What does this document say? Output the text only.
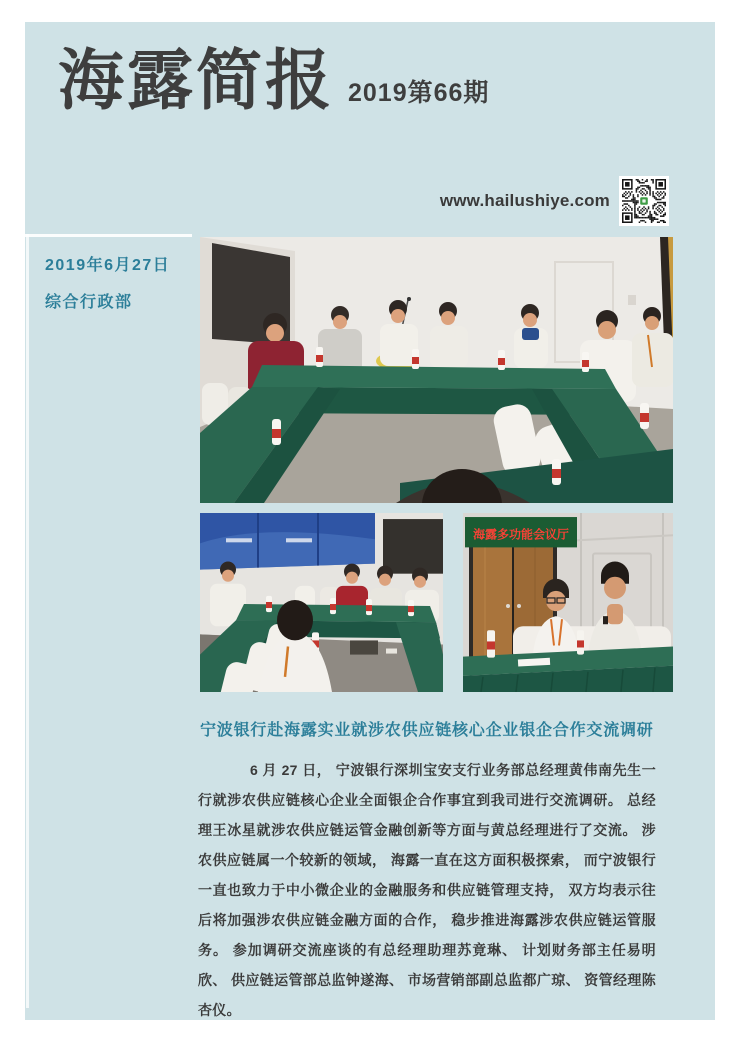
海露简报 2019第66期
www.hailushiye.com
2019年6月27日
综合行政部
海露多功能会议厅
宁波银行赴海露实业就涉农供应链核心企业银企合作交流调研

6 月 27 日， 宁波银行深圳宝安支行业务部总经理黄伟南先生一行就涉农供应链核心企业全面银企合作事宜到我司进行交流调研。 总经理王冰星就涉农供应链运管金融创新等方面与黄总经理进行了交流。 涉农供应链属一个较新的领域， 海露一直在这方面积极探索， 而宁波银行一直也致力于中小微企业的金融服务和供应链管理支持， 双方均表示往后将加强涉农供应链金融方面的合作， 稳步推进海露涉农供应链运管服务。 参加调研交流座谈的有总经理助理苏竟琳、 计划财务部主任易明欣、 供应链运管部总监钟遂海、 市场营销部副总监都广琼、 资管经理陈杏仪。
